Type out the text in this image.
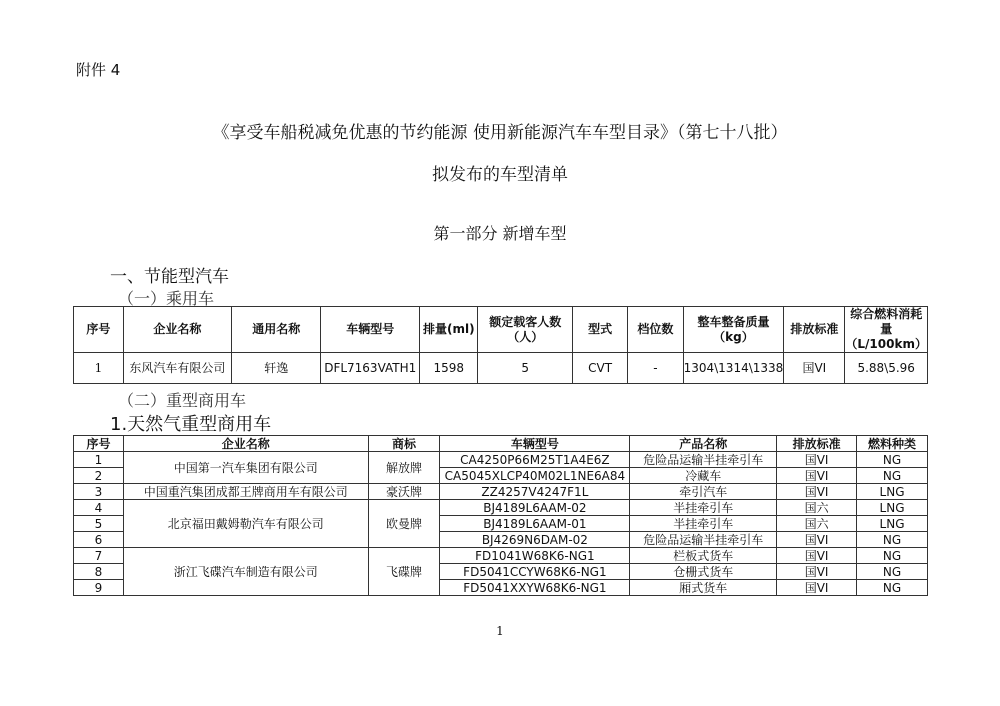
附件 4
《享受车船税减免优惠的节约能源 使用新能源汽车车型目录》（第七十八批）
拟发布的车型清单
第一部分 新增车型
一、节能型汽车
（一）乘用车
序号	企业名称	通用名称	车辆型号	排量(ml)	额定载客人数（人）	型式	档位数	整车整备质量（kg）	排放标准	综合燃料消耗量（L/100km）
1	东风汽车有限公司	轩逸	DFL7163VATH1	1598	5	CVT	-	1304\1314\1338	国VI	5.88\5.96
（二）重型商用车
1.天然气重型商用车
序号	企业名称	商标	车辆型号	产品名称	排放标准	燃料种类
1	中国第一汽车集团有限公司	解放牌	CA4250P66M25T1A4E6Z	危险品运输半挂牵引车	国VI	NG
2			CA5045XLCP40M02L1NE6A84	冷藏车	国VI	NG
3	中国重汽集团成都王牌商用车有限公司	豪沃牌	ZZ4257V4247F1L	牵引汽车	国VI	LNG
4	北京福田戴姆勒汽车有限公司	欧曼牌	BJ4189L6AAM-02	半挂牵引车	国六	LNG
5			BJ4189L6AAM-01	半挂牵引车	国六	LNG
6			BJ4269N6DAM-02	危险品运输半挂牵引车	国VI	NG
7	浙江飞碟汽车制造有限公司	飞碟牌	FD1041W68K6-NG1	栏板式货车	国VI	NG
8			FD5041CCYW68K6-NG1	仓栅式货车	国VI	NG
9			FD5041XXYW68K6-NG1	厢式货车	国VI	NG
1
